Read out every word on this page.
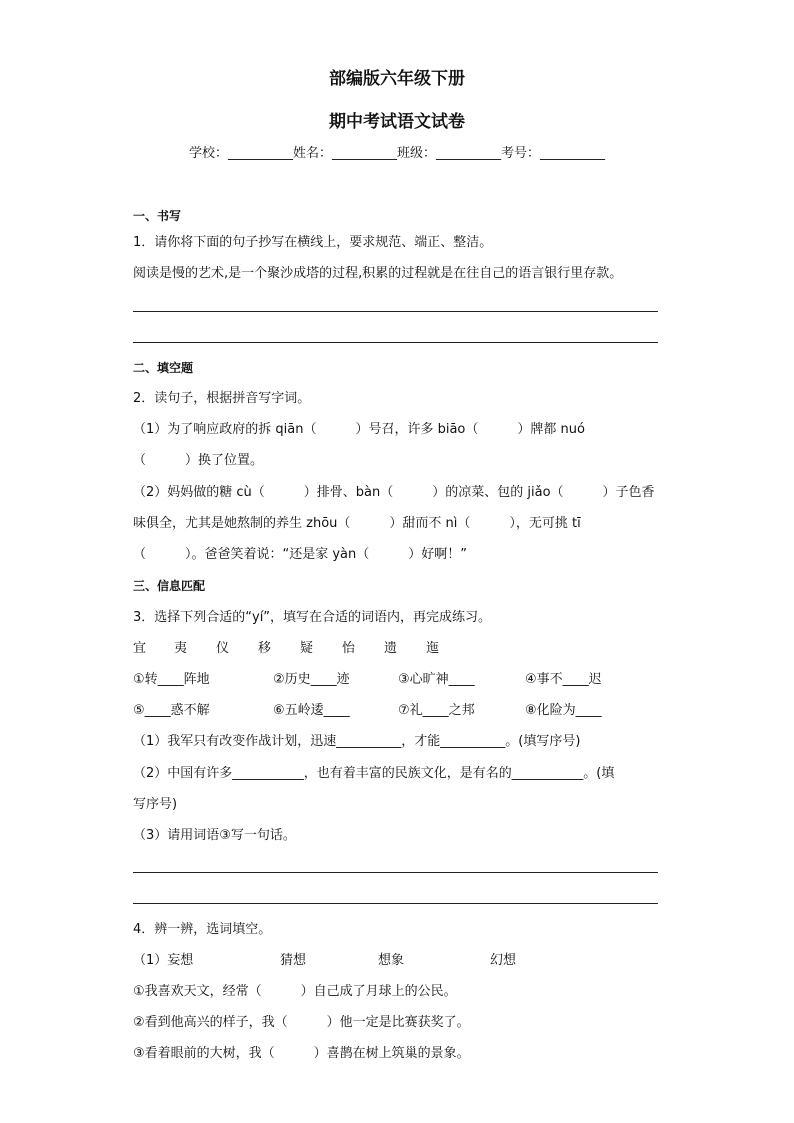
部编版六年级下册
期中考试语文试卷
学校：__________姓名：__________班级：__________考号：__________
一、书写
1．请你将下面的句子抄写在横线上，要求规范、端正、整洁。
阅读是慢的艺术,是一个聚沙成塔的过程,积累的过程就是在往自己的语言银行里存款。
二、填空题
2．读句子，根据拼音写字词。
（1）为了响应政府的拆 qiān（　　　）号召，许多 biāo（　　　）牌都 nuó
（　　　）换了位置。
（2）妈妈做的糖 cù（　　　）排骨、bàn（　　　）的凉菜、包的 jiǎo（　　　）子色香
味俱全，尤其是她熬制的养生 zhōu（　　　）甜而不 nì（　　　），无可挑 tī
（　　　）。爸爸笑着说：“还是家 yàn（　　　）好啊！”
三、信息匹配
3．选择下列合适的“yí”，填写在合适的词语内，再完成练习。
宜 夷 仪 移 疑 怡 遗 迤
①转____阵地	②历史____迹	③心旷神____	④事不____迟
⑤____惑不解	⑥五岭逶____	⑦礼____之邦	⑧化险为____
（1）我军只有改变作战计划，迅速__________，才能__________。(填写序号)
（2）中国有许多___________，也有着丰富的民族文化，是有名的___________。(填
写序号)
（3）请用词语③写一句话。
4．辨一辨，选词填空。
（1）妄想	猜想	想象	幻想
①我喜欢天文，经常（　　　）自己成了月球上的公民。
②看到他高兴的样子，我（　　　）他一定是比赛获奖了。
③看着眼前的大树，我（　　　）喜鹊在树上筑巢的景象。
